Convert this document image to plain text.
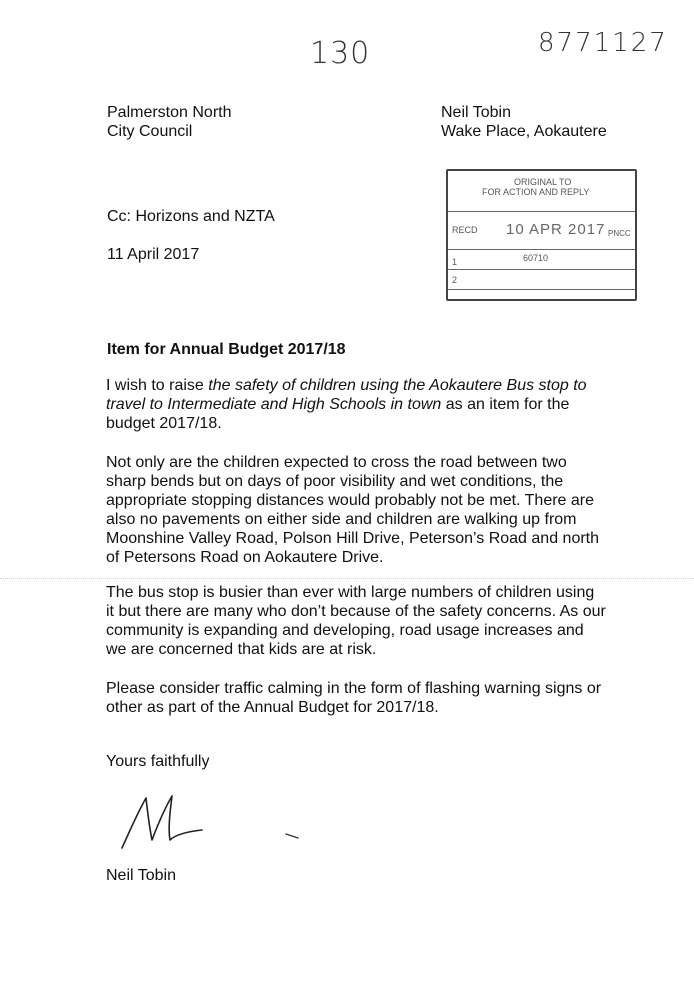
130	8771127
Palmerston North
City Council
Neil Tobin
Wake Place, Aokautere
ORIGINAL TO
FOR ACTION AND REPLY
RECD 10 APR 2017 PNCC
1	60710
2
Cc: Horizons and NZTA
11 April 2017
Item for Annual Budget 2017/18
I wish to raise the safety of children using the Aokautere Bus stop to travel to Intermediate and High Schools in town as an item for the budget 2017/18.
Not only are the children expected to cross the road between two sharp bends but on days of poor visibility and wet conditions, the appropriate stopping distances would probably not be met. There are also no pavements on either side and children are walking up from Moonshine Valley Road, Polson Hill Drive, Peterson’s Road and north of Petersons Road on Aokautere Drive.
The bus stop is busier than ever with large numbers of children using it but there are many who don’t because of the safety concerns. As our community is expanding and developing, road usage increases and we are concerned that kids are at risk.
Please consider traffic calming in the form of flashing warning signs or other as part of the Annual Budget for 2017/18.
Yours faithfully
Neil Tobin
